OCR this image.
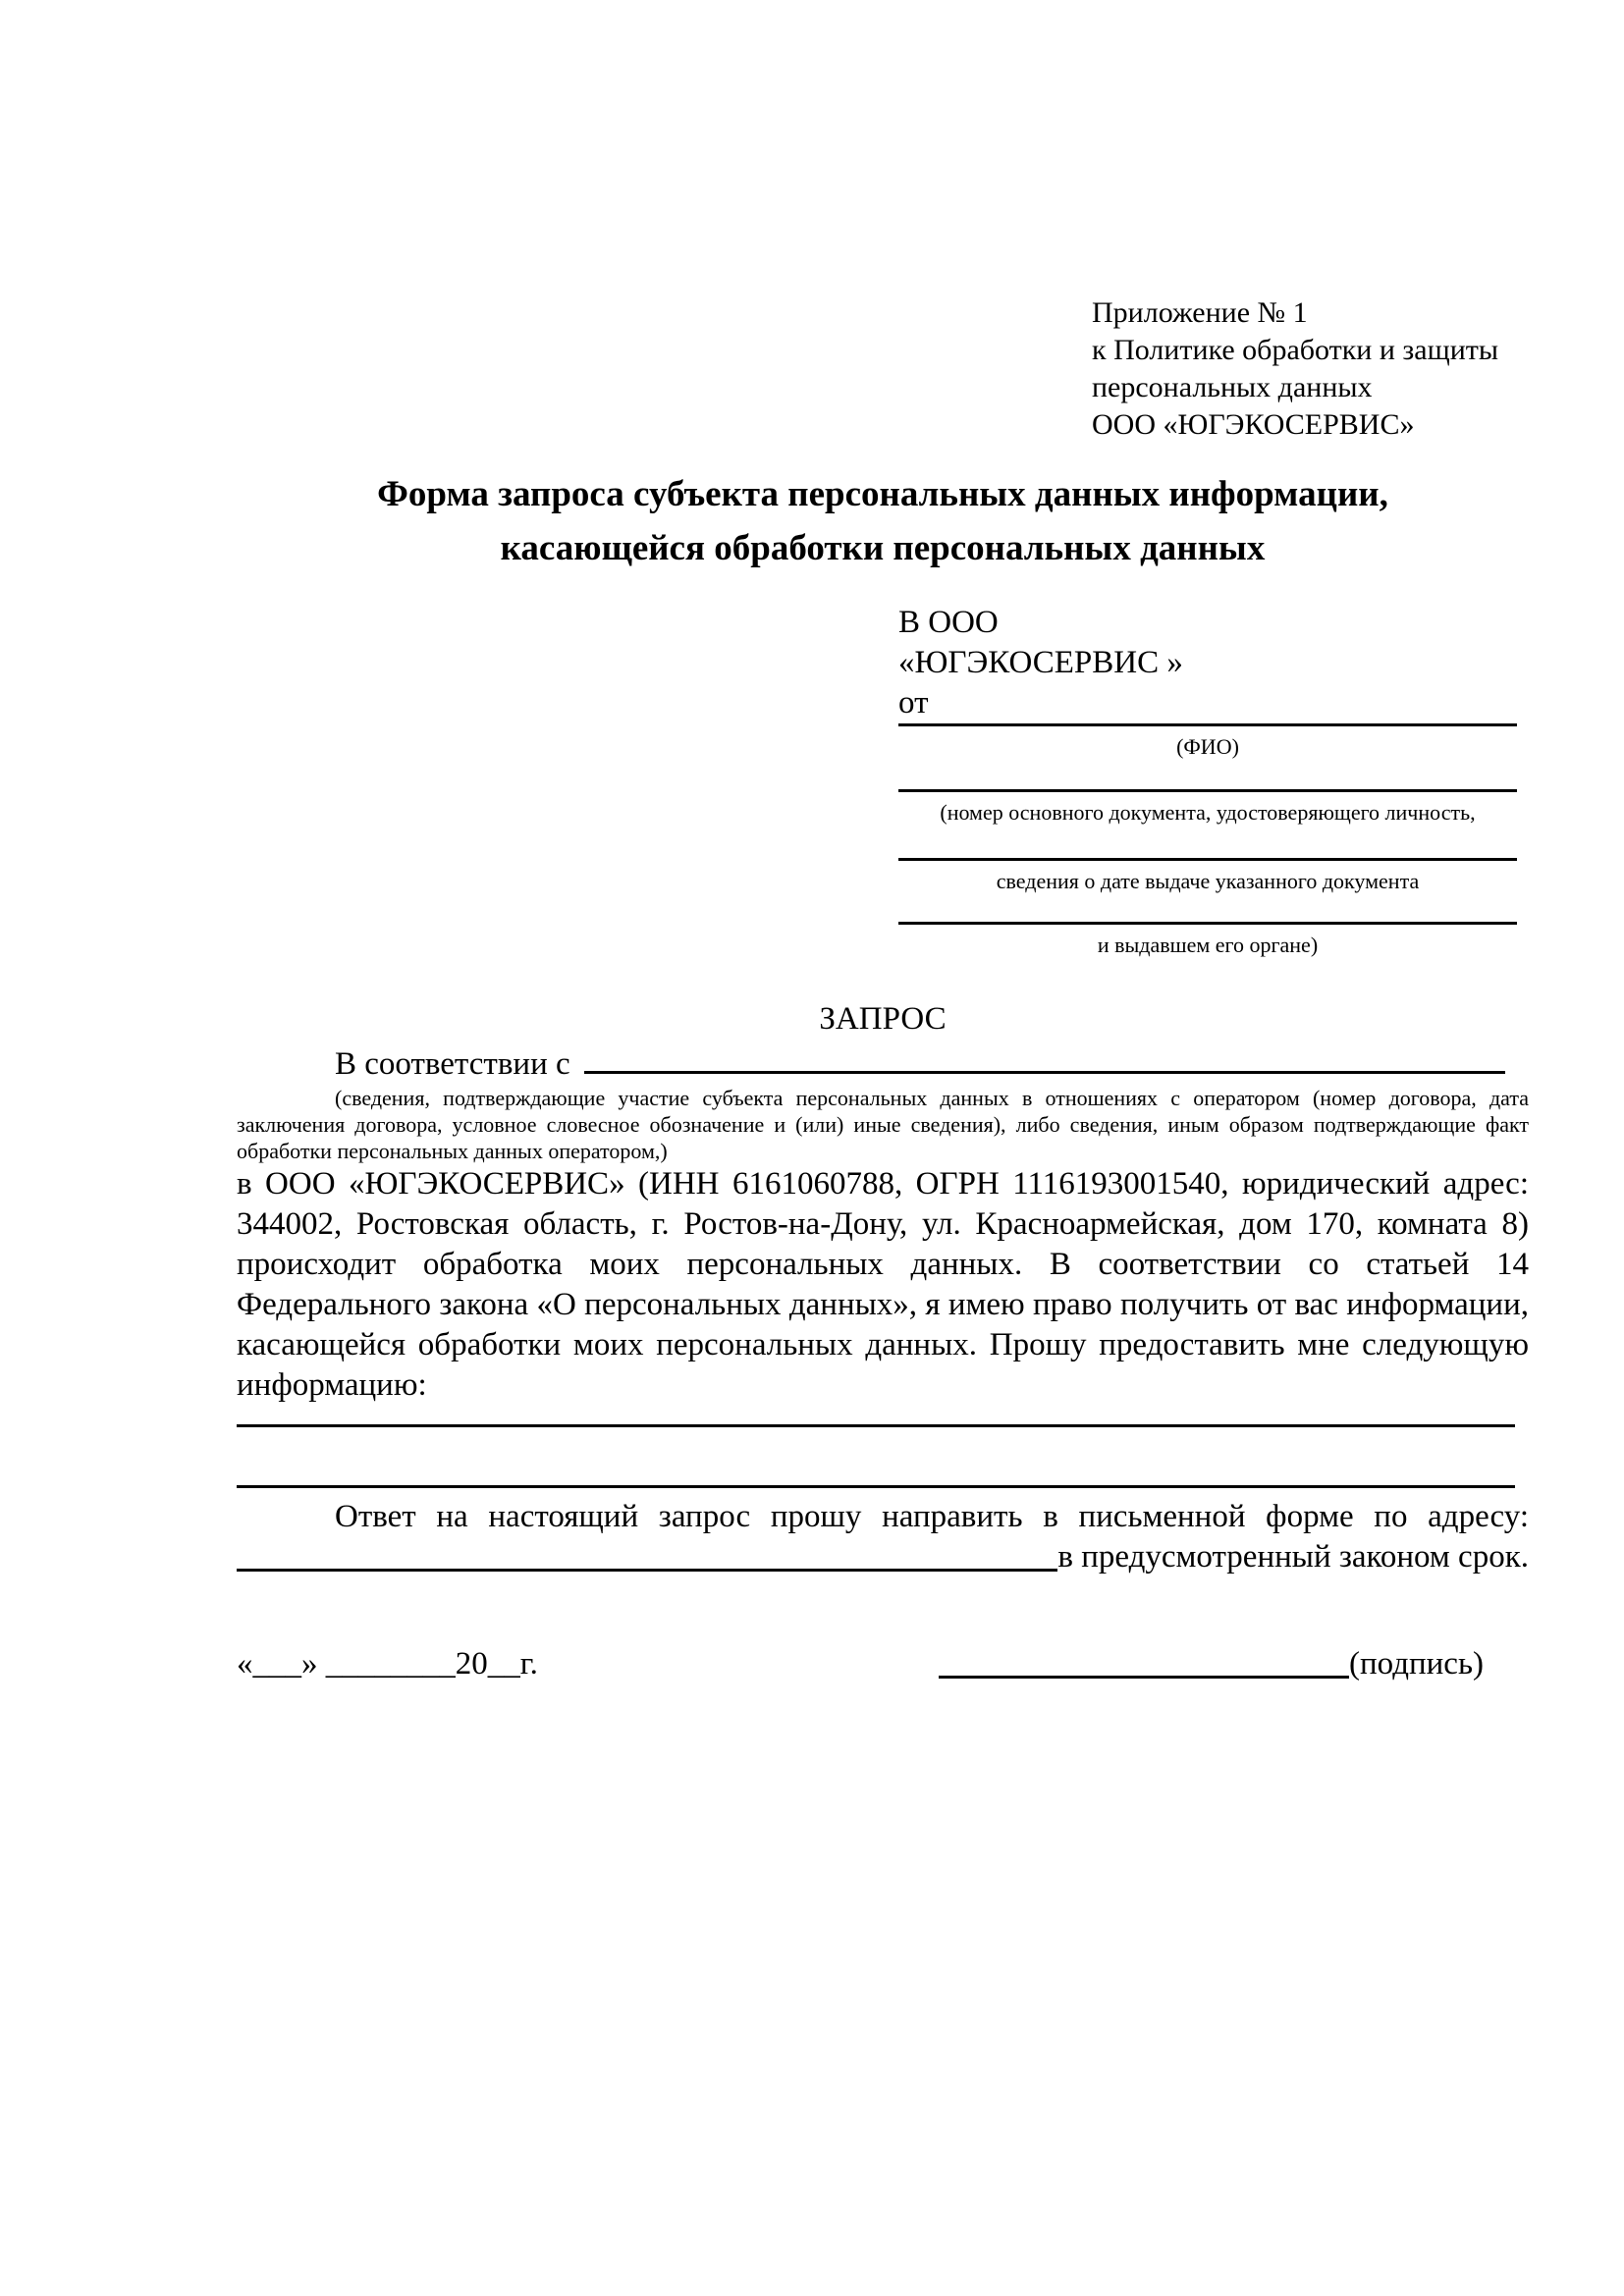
Приложение № 1
к Политике обработки и защиты
персональных данных
ООО «ЮГЭКОСЕРВИС»
Форма запроса субъекта персональных данных информации,
касающейся обработки персональных данных
В ООО
«ЮГЭКОСЕРВИС »
от
(ФИО)
(номер основного документа, удостоверяющего личность,
сведения о дате выдаче указанного документа
и выдавшем его органе)
ЗАПРОС
В соответствии с

(сведения, подтверждающие участие субъекта персональных данных в отношениях с оператором (номер договора, дата заключения договора, условное словесное обозначение и (или) иные сведения), либо сведения, иным образом подтверждающие факт обработки персональных данных оператором,)

в ООО «ЮГЭКОСЕРВИС» (ИНН 6161060788, ОГРН 1116193001540, юридический адрес: 344002, Ростовская область, г. Ростов-на-Дону, ул. Красноармейская, дом 170, комната 8) происходит обработка моих персональных данных. В соответствии со статьей 14 Федерального закона «О персональных данных», я имею право получить от вас информации, касающейся обработки моих персональных данных. Прошу предоставить мне следующую информацию:

Ответ на настоящий запрос прошу направить в письменной форме по адресу:

в предусмотренный законом срок.
«___» ________20__г.	(подпись)
